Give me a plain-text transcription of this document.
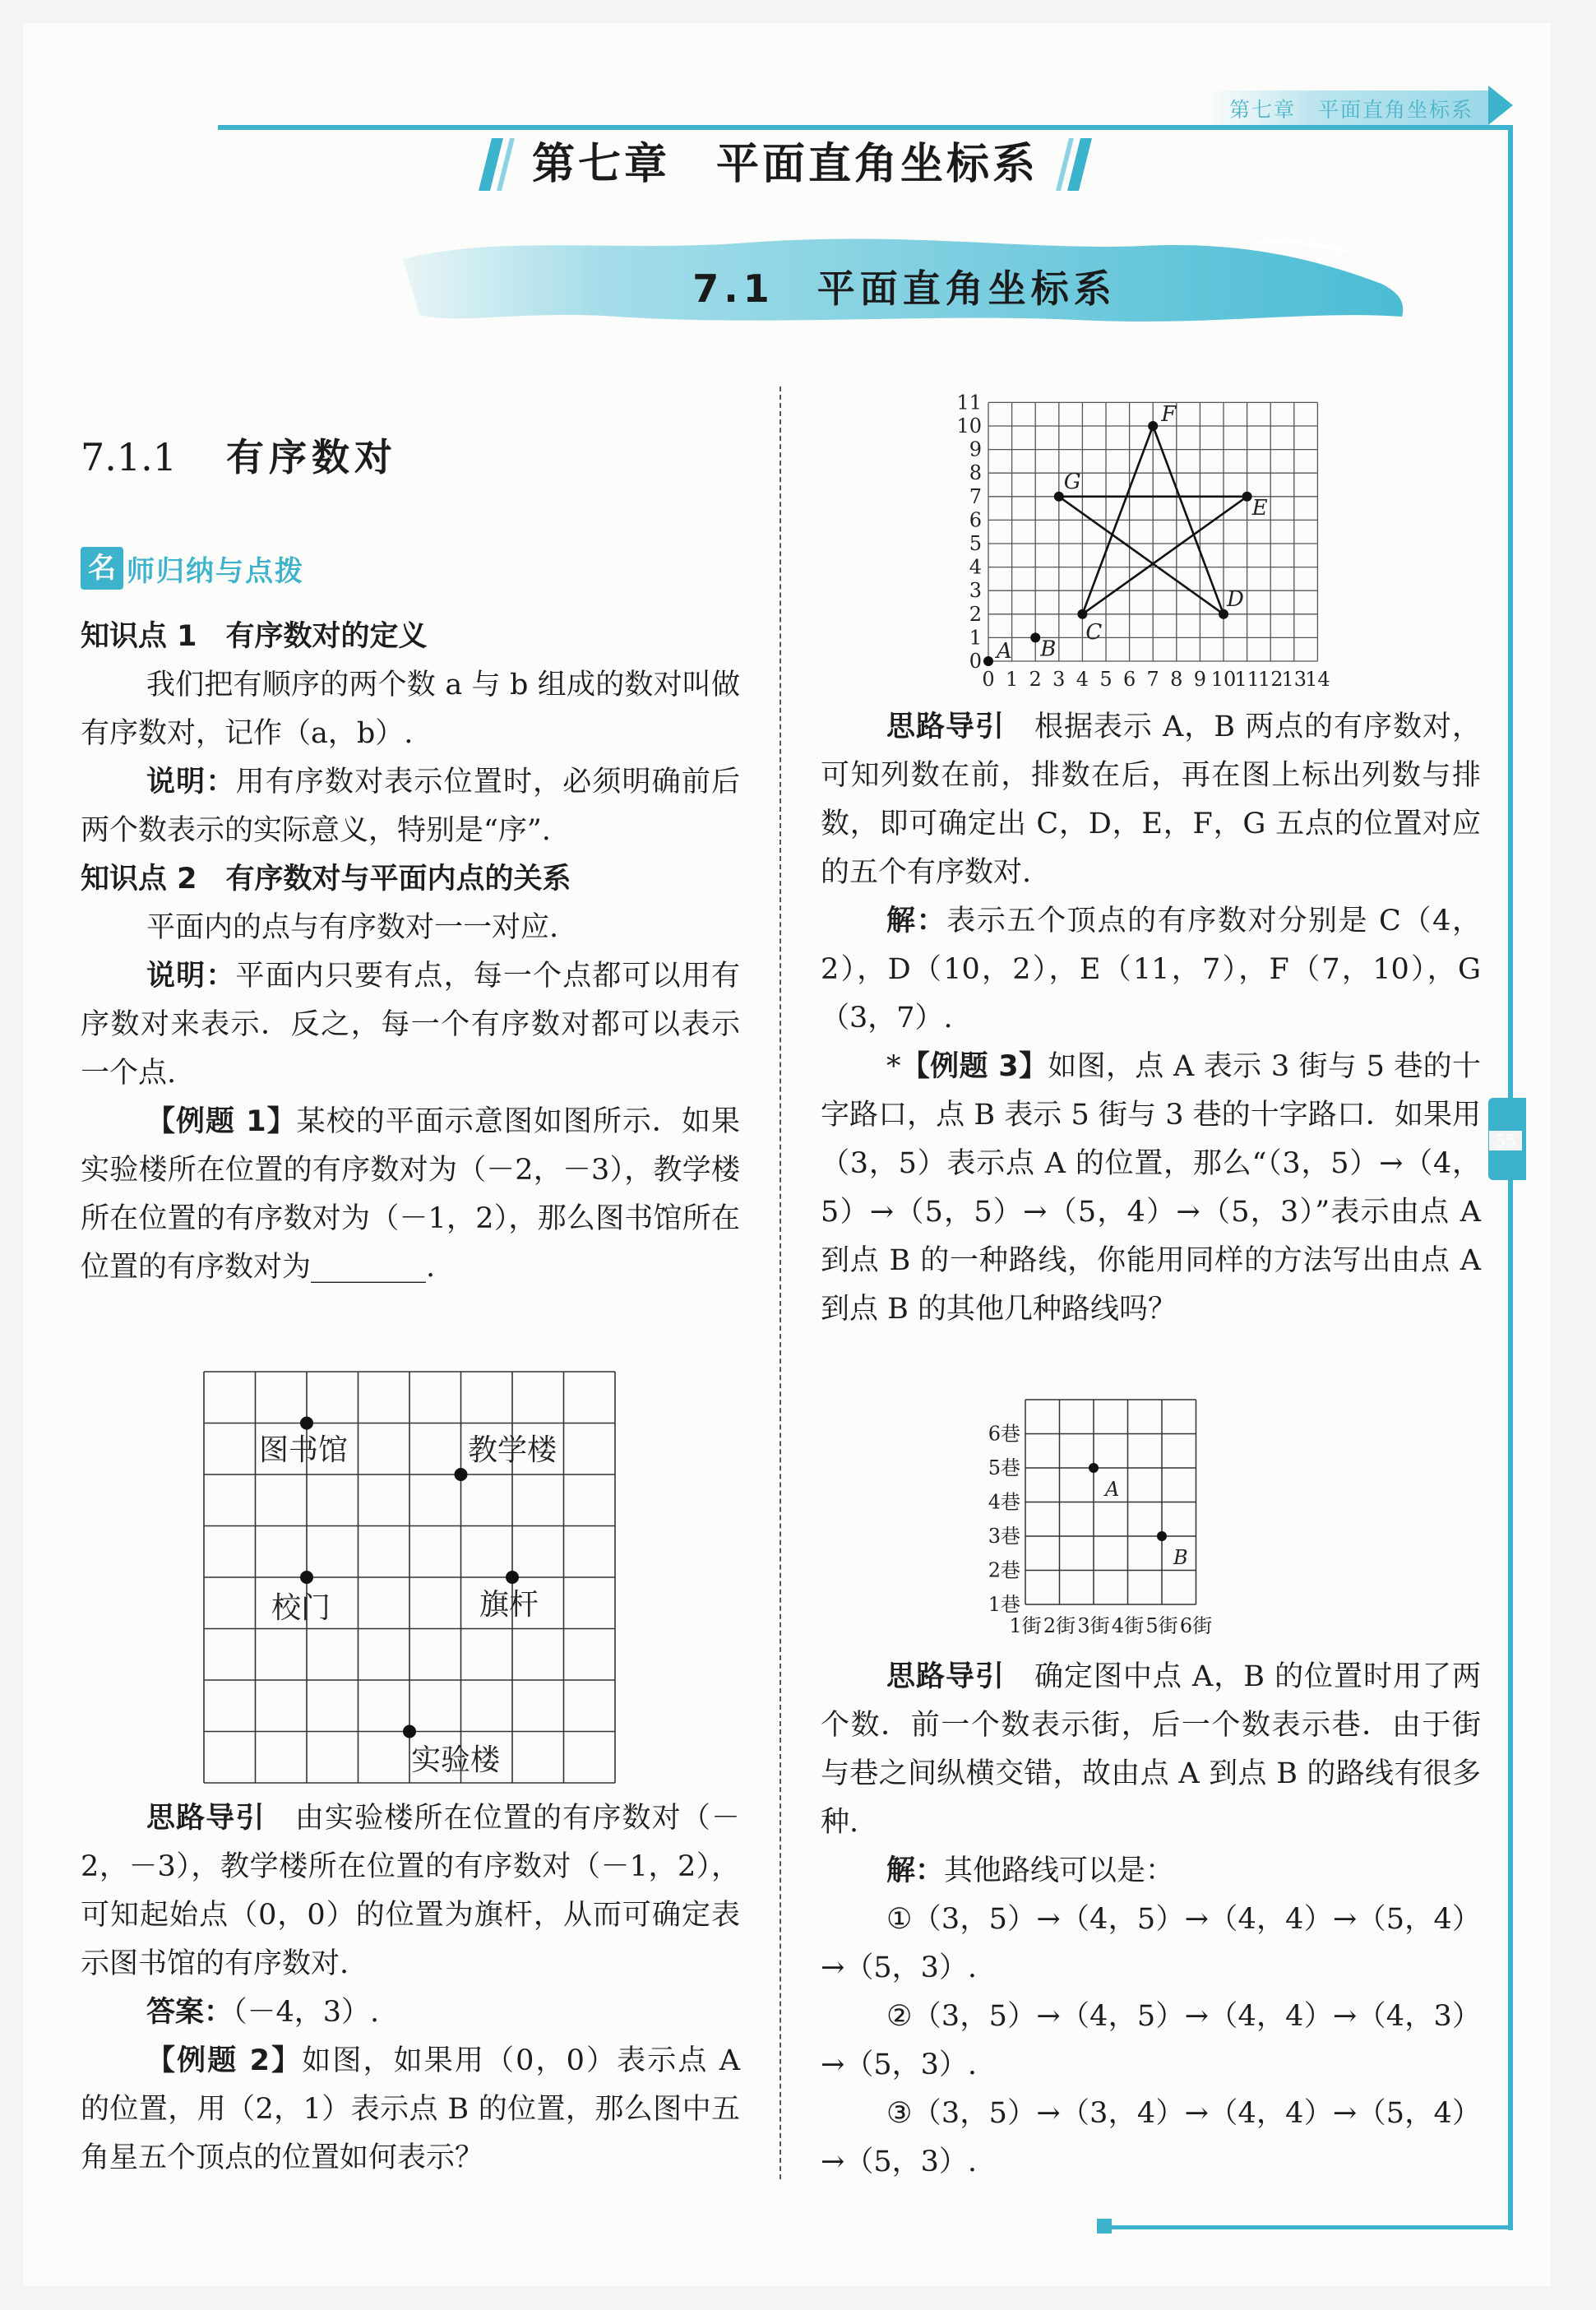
第七章　平面直角坐标系
55
第七章　平面直角坐标系
7.1　平面直角坐标系
7.1.1 有序数对
名 师归纳与点拨

知识点 1　有序数对的定义

我们把有顺序的两个数 a 与 b 组成的数对叫做有序数对，记作（a，b）.

说明：用有序数对表示位置时，必须明确前后两个数表示的实际意义，特别是“序”.

知识点 2　有序数对与平面内点的关系

平面内的点与有序数对一一对应.

说明：平面内只要有点，每一个点都可以用有序数对来表示．反之，每一个有序数对都可以表示一个点.

【例题 1】某校的平面示意图如图所示．如果实验楼所在位置的有序数对为（－2，－3），教学楼所在位置的有序数对为（－1，2），那么图书馆所在位置的有序数对为________.

图书馆	教学楼
校门	旗杆
实验楼

思路导引　 由实验楼所在位置的有序数对（－2，－3），教学楼所在位置的有序数对（－1，2），可知起始点（0，0）的位置为旗杆，从而可确定表示图书馆的有序数对.

答案：（－4，3）.

【例题 2】如图，如果用（0，0）表示点 A 的位置，用（2，1）表示点 B 的位置，那么图中五角星五个顶点的位置如何表示？

0 1 2 3 4 5 6 7 8 9 10
11
12
13
14
0
1
2
3
4
5
6
7
8
9
10
11
A B
C
D
E
F
G

思路导引　 根据表示 A，B 两点的有序数对，可知列数在前，排数在后，再在图上标出列数与排数，即可确定出 C，D，E，F，G 五点的位置对应的五个有序数对.

解：表示五个顶点的有序数对分别是 C（4，2），D（10，2），E（11，7），F（7，10），G（3，7）.

*【例题 3】如图，点 A 表示 3 街与 5 巷的十字路口，点 B 表示 5 街与 3 巷的十字路口．如果用（3，5）表示点 A 的位置，那么“（3，5）→（4，5）→（5，5）→（5，4）→（5，3）”表示由点 A 到点 B 的一种路线，你能用同样的方法写出由点 A 到点 B 的其他几种路线吗？

1街 2街 3街 4街 5街 6街
1巷
2巷
3巷
4巷
5巷
6巷
A
B

思路导引　 确定图中点 A，B 的位置时用了两个数．前一个数表示街，后一个数表示巷．由于街与巷之间纵横交错，故由点 A 到点 B 的路线有很多种.

解：其他路线可以是：

①（3，5）→（4，5）→（4，4）→（5，4）→（5，3）.

②（3，5）→（4，5）→（4，4）→（4，3）→（5，3）.

③（3，5）→（3，4）→（4，4）→（5，4）→（5，3）.
